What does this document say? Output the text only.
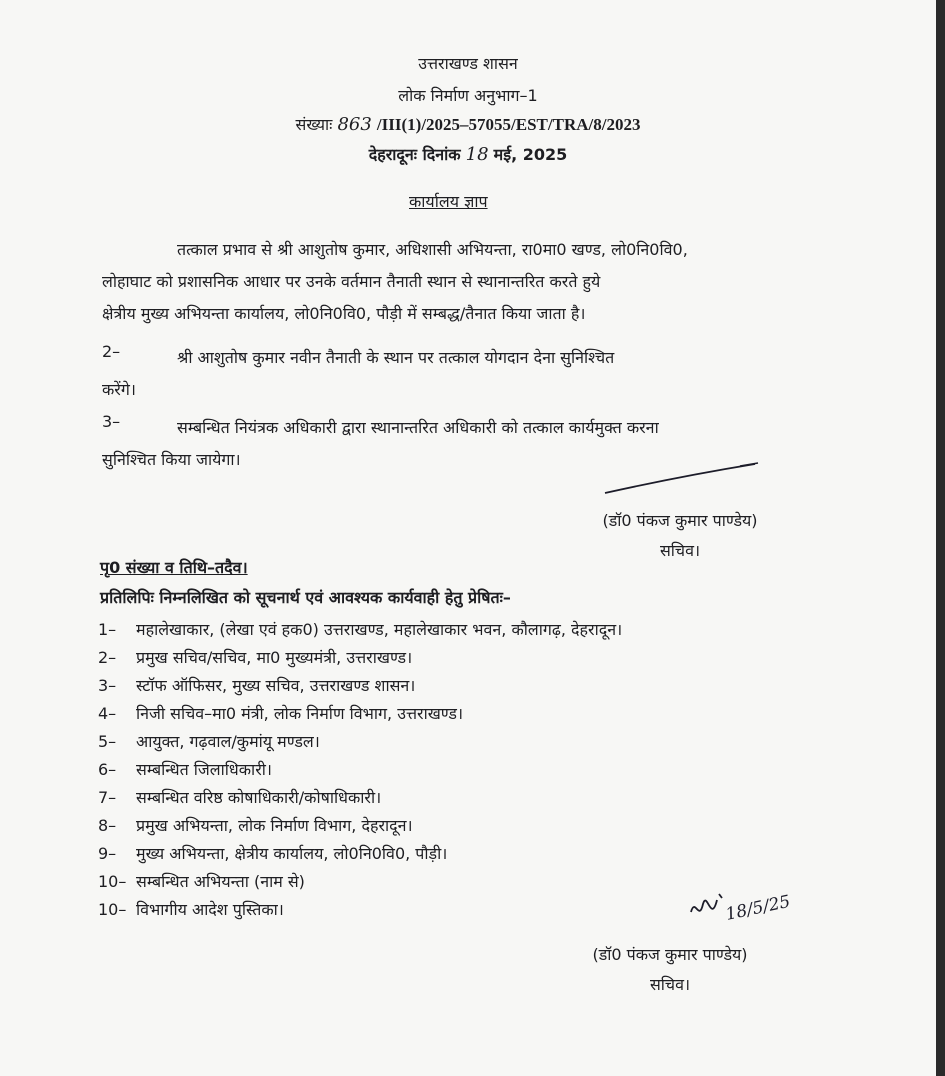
उत्तराखण्ड शासन
लोक निर्माण अनुभाग–1
संख्याः 863 /III(1)/2025–57055/EST/TRA/8/2023
देहरादूनः दिनांक 18 मई, 2025
कार्यालय ज्ञाप
तत्काल प्रभाव से श्री आशुतोष कुमार, अधिशासी अभियन्ता, रा0मा0 खण्ड, लो0नि0वि0,
लोहाघाट को प्रशासनिक आधार पर उनके वर्तमान तैनाती स्थान से स्थानान्तरित करते हुये
क्षेत्रीय मुख्य अभियन्ता कार्यालय, लो0नि0वि0, पौड़ी में सम्बद्ध/तैनात किया जाता है।
2–	श्री आशुतोष कुमार नवीन तैनाती के स्थान पर तत्काल योगदान देना सुनिश्चित
करेंगे।
3–	सम्बन्धित नियंत्रक अधिकारी द्वारा स्थानान्तरित अधिकारी को तत्काल कार्यमुक्त करना
सुनिश्चित किया जायेगा।
(डॉ0 पंकज कुमार पाण्डेय)
सचिव।
पृ0 संख्या व तिथि–तदैव।
प्रतिलिपिः निम्नलिखित को सूचनार्थ एवं आवश्यक कार्यवाही हेतु प्रेषितः–
1– महालेखाकार, (लेखा एवं हक0) उत्तराखण्ड, महालेखाकार भवन, कौलागढ़, देहरादून।
2– प्रमुख सचिव/सचिव, मा0 मुख्यमंत्री, उत्तराखण्ड।
3– स्टॉफ ऑफिसर, मुख्य सचिव, उत्तराखण्ड शासन।
4– निजी सचिव–मा0 मंत्री, लोक निर्माण विभाग, उत्तराखण्ड।
5– आयुक्त, गढ़वाल/कुमांयू मण्डल।
6– सम्बन्धित जिलाधिकारी।
7– सम्बन्धित वरिष्ठ कोषाधिकारी/कोषाधिकारी।
8– प्रमुख अभियन्ता, लोक निर्माण विभाग, देहरादून।
9– मुख्य अभियन्ता, क्षेत्रीय कार्यालय, लो0नि0वि0, पौड़ी।
10– सम्बन्धित अभियन्ता (नाम से)
10– विभागीय आदेश पुस्तिका।	18/5/25
(डॉ0 पंकज कुमार पाण्डेय)
सचिव।
